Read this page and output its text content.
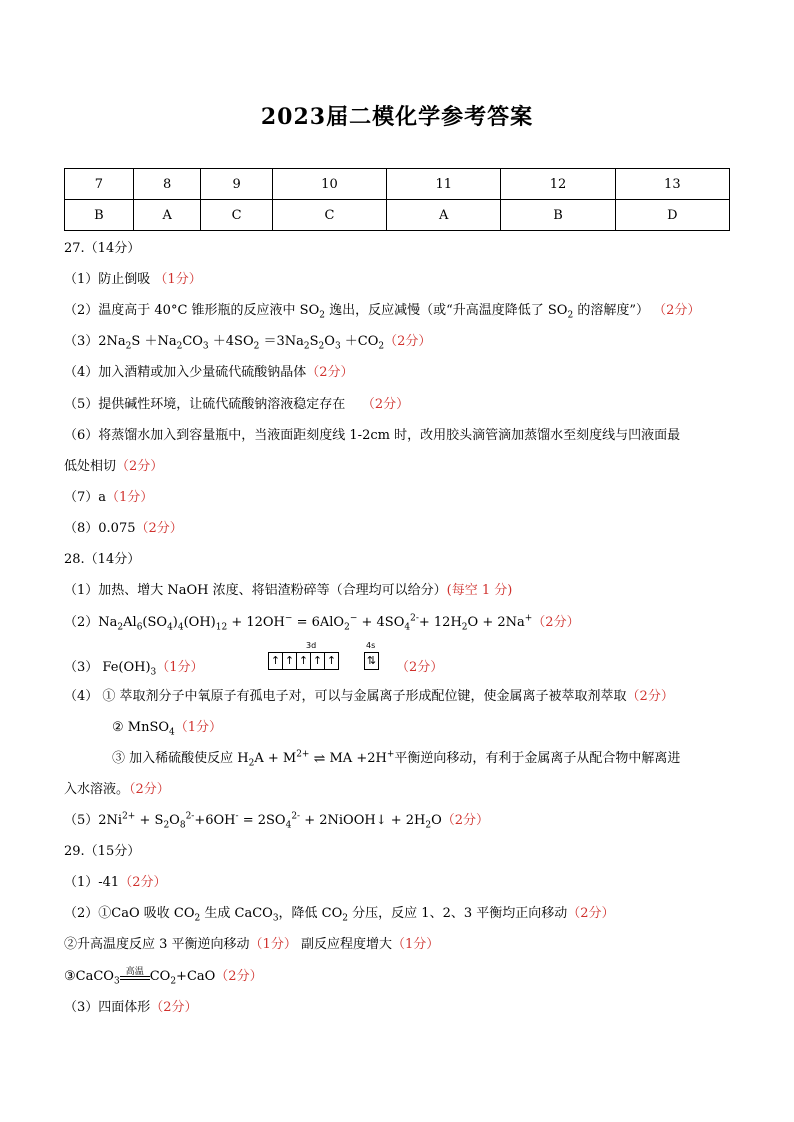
2023届二模化学参考答案
7	8	9	10	11	12	13
B	A	C	C	A	B	D
27.（14分）
（1）防止倒吸 （1分）
（2）温度高于 40°C 锥形瓶的反应液中 $SO_2$ 逸出，反应减慢（或“升高温度降低了 $SO_2$ 的溶解度”） （2分）
$(3)2Na_2S +Na_2CO_3 +4SO_2 =3Na_2S_2O_3 +CO_2(2$分）
（4）加入酒精或加入少量硫代硫酸钠晶体（2分）
（5）提供碱性环境，让硫代硫酸钠溶液稳定存在 （2分）
（6）将蒸馏水加入到容量瓶中，当液面距刻度线 1-2cm 时，改用胶头滴管滴加蒸馏水至刻度线与凹液面最
低处相切（2分）
（7）a（1分）
（8）0.075（2分）
28.（14分）
（1）加热、增大 NaOH 浓度、将铝渣粉碎等（合理均可以给分）(每空 1 分)
$(2)Na_2Al_6(SO_4)_4(OH)_{12} + 12OH^- = 6AlO_2^- + 4SO_4^{2-}+ 12H_2O + 2Na^+(2$分）
（3） $Fe(OH)_3(1$分）
3d
↑ ↑ ↑ ↑ ↑
4s
⇅ （2分）
（4） ① 萃取剂分子中氧原子有孤电子对，可以与金属离子形成配位键，使金属离子被萃取剂萃取（2分）
② MnSO$_4$（1分）
③ 加入稀硫酸使反应 $H_2A + M^{2+}$ ⇌ MA +2H+平衡逆向移动，有利于金属离子从配合物中解离进
入水溶液。（2分）
$(5)2Ni^{2+} + S_2O_8^{2-}+6OH^- = 2SO_4^{2-}$ + 2NiOOH↓ + $2H_2O(2$分）
29.（15分）
（1）-41（2分）
（2）①CaO 吸收 $CO_2$ 生成 CaCO$_3$，降低 $CO_2$ 分压，反应 1、2、3 平衡均正向移动（2分）
②升高温度反应 3 平衡逆向移动（1分） 副反应程度增大（1分）
③CaCO$_3$
高温 $CO_2+CaO(2$分）
（3）四面体形（2分）
